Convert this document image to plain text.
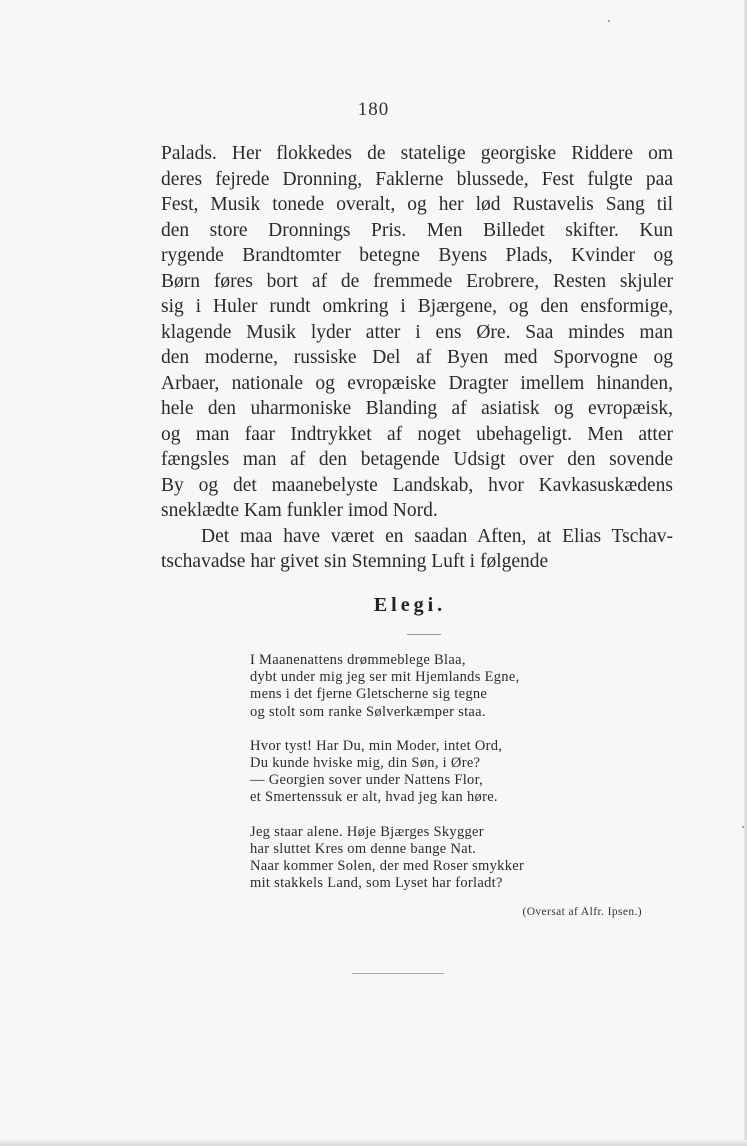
180
Palads. Her flokkedes de statelige georgiske Riddere om
deres fejrede Dronning, Faklerne blussede, Fest fulgte paa
Fest, Musik tonede overalt, og her lød Rustavelis Sang til
den store Dronnings Pris. Men Billedet skifter. Kun
rygende Brandtomter betegne Byens Plads, Kvinder og
Børn føres bort af de fremmede Erobrere, Resten skjuler
sig i Huler rundt omkring i Bjærgene, og den ensformige,
klagende Musik lyder atter i ens Øre. Saa mindes man
den moderne, russiske Del af Byen med Sporvogne og
Arbaer, nationale og evropæiske Dragter imellem hinanden,
hele den uharmoniske Blanding af asiatisk og evropæisk,
og man faar Indtrykket af noget ubehageligt. Men atter
fængsles man af den betagende Udsigt over den sovende
By og det maanebelyste Landskab, hvor Kavkasuskædens
sneklædte Kam funkler imod Nord.
Det maa have været en saadan Aften, at Elias Tschav-
tschavadse har givet sin Stemning Luft i følgende
Elegi.
I Maanenattens drømmeblege Blaa,
dybt under mig jeg ser mit Hjemlands Egne,
mens i det fjerne Gletscherne sig tegne
og stolt som ranke Sølverkæmper staa.
Hvor tyst! Har Du, min Moder, intet Ord,
Du kunde hviske mig, din Søn, i Øre?
— Georgien sover under Nattens Flor,
et Smertenssuk er alt, hvad jeg kan høre.
Jeg staar alene. Høje Bjærges Skygger
har sluttet Kres om denne bange Nat.
Naar kommer Solen, der med Roser smykker
mit stakkels Land, som Lyset har forladt?
(Oversat af Alfr. Ipsen.)
